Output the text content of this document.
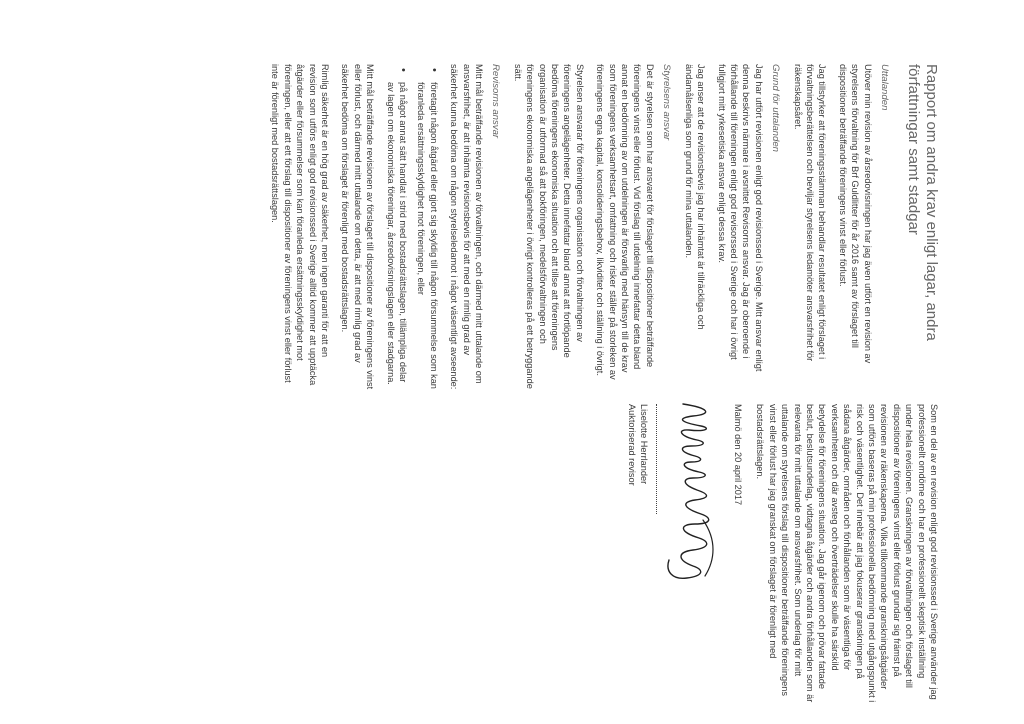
Rapport om andra krav enligt lagar, andra författningar samt stadgar
Uttalanden

Utöver min revision av årsredovisningen har jag även utfört en revision av styrelsens förvaltning för Brf Guldlitter för år 2016 samt av förslaget till dispositioner beträffande föreningens vinst eller förlust.

Jag tillstyrker att föreningsstämman behandlar resultatet enligt förslaget i förvaltningsberättelsen och beviljar styrelsens ledamöter ansvarsfrihet för räkenskapsåret.

Grund för uttalanden

Jag har utfört revisionen enligt god revisionssed i Sverige. Mitt ansvar enligt denna beskrivs närmare i avsnittet Revisorns ansvar. Jag är oberoende i förhållande till föreningen enligt god revisorssed i Sverige och har i övrigt fullgjort mitt yrkesetiska ansvar enligt dessa krav.

Jag anser att de revisionsbevis jag har inhämtat är tillräckliga och ändamålsenliga som grund för mina uttalanden.

Styrelsens ansvar

Det är styrelsen som har ansvaret för förslaget till dispositioner beträffande föreningens vinst eller förlust. Vid förslag till utdelning innefattar detta bland annat en bedömning av om utdelningen är försvarlig med hänsyn till de krav som föreningens verksamhetsart, omfattning och risker ställer på storleken av föreningens egna kapital, konsolideringsbehov, likviditet och ställning i övrigt.

Styrelsen ansvarar för föreningens organisation och förvaltningen av föreningens angelägenheter. Detta innefattar bland annat att fortlöpande bedöma föreningens ekonomiska situation och att tillse att föreningens organisation är utformad så att bokföringen, medelsförvaltningen och föreningens ekonomiska angelägenheter i övrigt kontrolleras på ett betryggande sätt.

Revisorns ansvar

Mitt mål beträffande revisionen av förvaltningen, och därmed mitt uttalande om ansvarsfrihet, är att inhämta revisionsbevis för att med en rimlig grad av säkerhet kunna bedöma om någon styrelseledamot i något väsentligt avseende:

• företagit någon åtgärd eller gjort sig skyldig till någon försummelse som kan föranleda ersättningsskyldighet mot föreningen, eller
• på något annat sätt handlat i strid med bostadsrättslagen, tillämpliga delar av lagen om ekonomiska föreningar, årsredovisningslagen eller stadgarna.

Mitt mål beträffande revisionen av förslaget till dispositioner av föreningens vinst eller förlust, och därmed mitt uttalande om detta, är att med rimlig grad av säkerhet bedöma om förslaget är förenligt med bostadsrättslagen.

Rimlig säkerhet är en hög grad av säkerhet, men ingen garanti för att en revision som utförs enligt god revisionssed i Sverige alltid kommer att upptäcka åtgärder eller försummelser som kan föranleda ersättningsskyldighet mot föreningen, eller att ett förslag till dispositioner av föreningens vinst eller förlust inte är förenligt med bostadsrättslagen.

Som en del av en revision enligt god revisionssed i Sverige använder jag professionellt omdöme och har en professionellt skeptisk inställning under hela revisionen. Granskningen av förvaltningen och förslaget till dispositioner av föreningens vinst eller förlust grundar sig främst på revisionen av räkenskaperna. Vilka tillkommande granskningsåtgärder som utförs baseras på min professionella bedömning med utgångspunkt i risk och väsentlighet. Det innebär att jag fokuserar granskningen på sådana åtgärder, områden och förhållanden som är väsentliga för verksamheten och där avsteg och överträdelser skulle ha särskild betydelse för föreningens situation. Jag går igenom och prövar fattade beslut, beslutsunderlag, vidtagna åtgärder och andra förhållanden som är relevanta för mitt uttalande om ansvarsfrihet. Som underlag för mitt uttalande om styrelsens förslag till dispositioner beträffande föreningens vinst eller förlust har jag granskat om förslaget är förenligt med bostadsrättslagen.

Malmö den 20 april 2017

Liselotte Herrlander
Auktoriserad revisor
